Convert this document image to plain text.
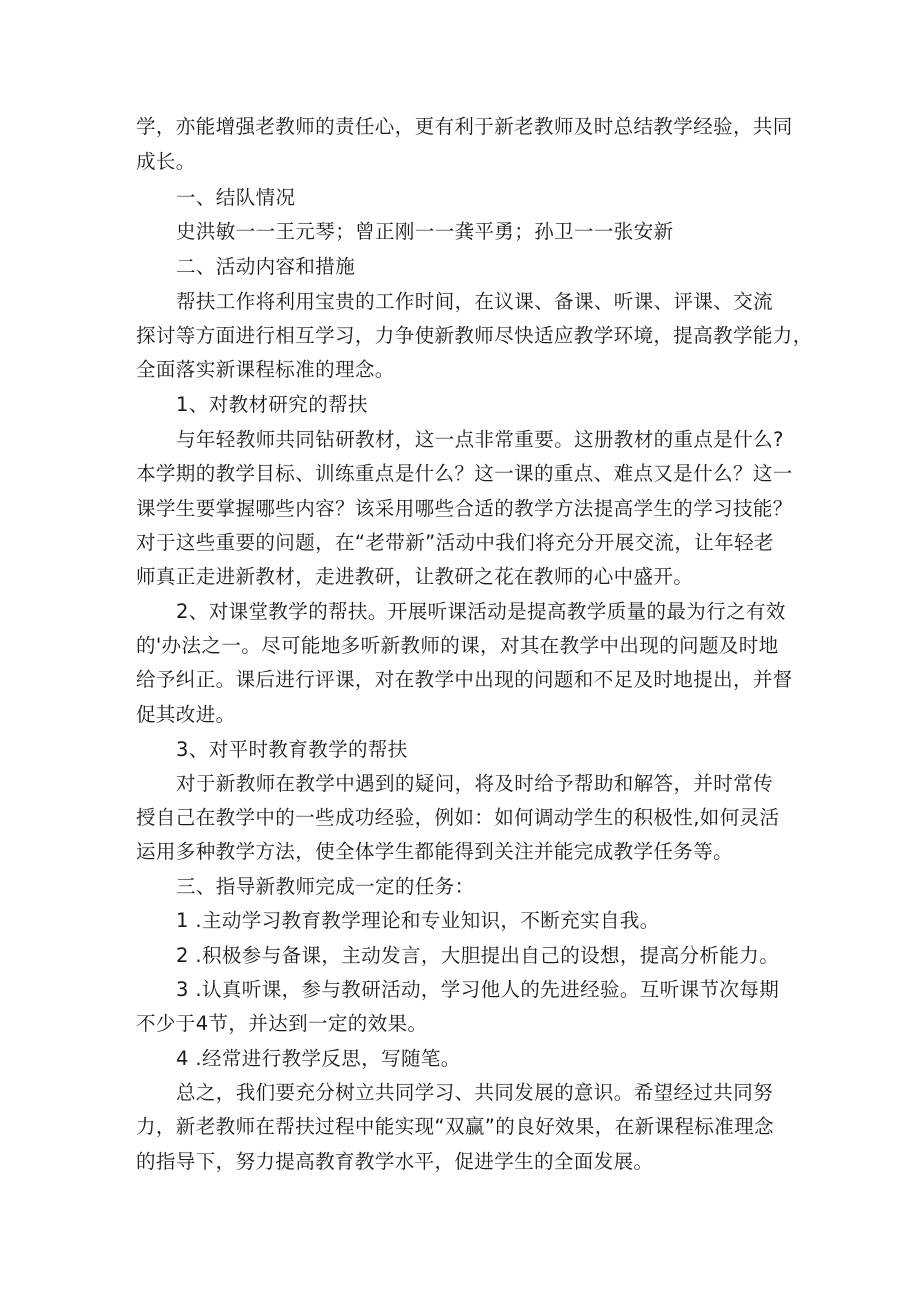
学，亦能增强老教师的责任心，更有利于新老教师及时总结教学经验，共同
成长。
一、结队情况
史洪敏一一王元琴；曾正刚一一龚平勇；孙卫一一张安新
二、活动内容和措施
帮扶工作将利用宝贵的工作时间，在议课、备课、听课、评课、交流
探讨等方面进行相互学习，力争使新教师尽快适应教学环境，提高教学能力，
全面落实新课程标准的理念。
1、对教材研究的帮扶
与年轻教师共同钻研教材，这一点非常重要。这册教材的重点是什么?
本学期的教学目标、训练重点是什么？这一课的重点、难点又是什么？这一
课学生要掌握哪些内容？该采用哪些合适的教学方法提高学生的学习技能？
对于这些重要的问题，在“老带新”活动中我们将充分开展交流，让年轻老
师真正走进新教材，走进教研，让教研之花在教师的心中盛开。
2、对课堂教学的帮扶。开展听课活动是提高教学质量的最为行之有效
的'办法之一。尽可能地多听新教师的课，对其在教学中出现的问题及时地
给予纠正。课后进行评课，对在教学中出现的问题和不足及时地提出，并督
促其改进。
3、对平时教育教学的帮扶
对于新教师在教学中遇到的疑问，将及时给予帮助和解答，并时常传
授自己在教学中的一些成功经验，例如：如何调动学生的积极性,如何灵活
运用多种教学方法，使全体学生都能得到关注并能完成教学任务等。
三、指导新教师完成一定的任务：
1 .主动学习教育教学理论和专业知识，不断充实自我。
2 .积极参与备课，主动发言，大胆提出自己的设想，提高分析能力。
3 .认真听课，参与教研活动，学习他人的先进经验。互听课节次每期
不少于4节，并达到一定的效果。
4 .经常进行教学反思，写随笔。
总之，我们要充分树立共同学习、共同发展的意识。希望经过共同努
力，新老教师在帮扶过程中能实现“双赢”的良好效果，在新课程标准理念
的指导下，努力提高教育教学水平，促进学生的全面发展。
